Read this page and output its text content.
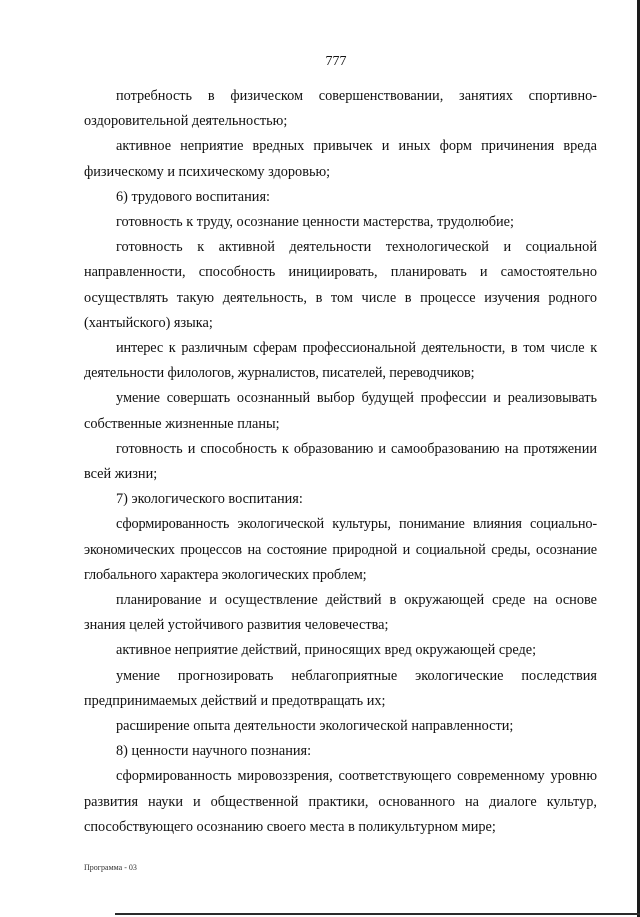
777

потребность в физическом совершенствовании, занятиях спортивно-оздоровительной деятельностью;

активное неприятие вредных привычек и иных форм причинения вреда физическому и психическому здоровью;

6) трудового воспитания:

готовность к труду, осознание ценности мастерства, трудолюбие;

готовность к активной деятельности технологической и социальной направленности, способность инициировать, планировать и самостоятельно осуществлять такую деятельность, в том числе в процессе изучения родного (хантыйского) языка;

интерес к различным сферам профессиональной деятельности, в том числе к деятельности филологов, журналистов, писателей, переводчиков;

умение совершать осознанный выбор будущей профессии и реализовывать собственные жизненные планы;

готовность и способность к образованию и самообразованию на протяжении всей жизни;

7) экологического воспитания:

сформированность экологической культуры, понимание влияния социально-экономических процессов на состояние природной и социальной среды, осознание глобального характера экологических проблем;

планирование и осуществление действий в окружающей среде на основе знания целей устойчивого развития человечества;

активное неприятие действий, приносящих вред окружающей среде;

умение прогнозировать неблагоприятные экологические последствия предпринимаемых действий и предотвращать их;

расширение опыта деятельности экологической направленности;

8) ценности научного познания:

сформированность мировоззрения, соответствующего современному уровню развития науки и общественной практики, основанного на диалоге культур, способствующего осознанию своего места в поликультурном мире;

Программа - 03
